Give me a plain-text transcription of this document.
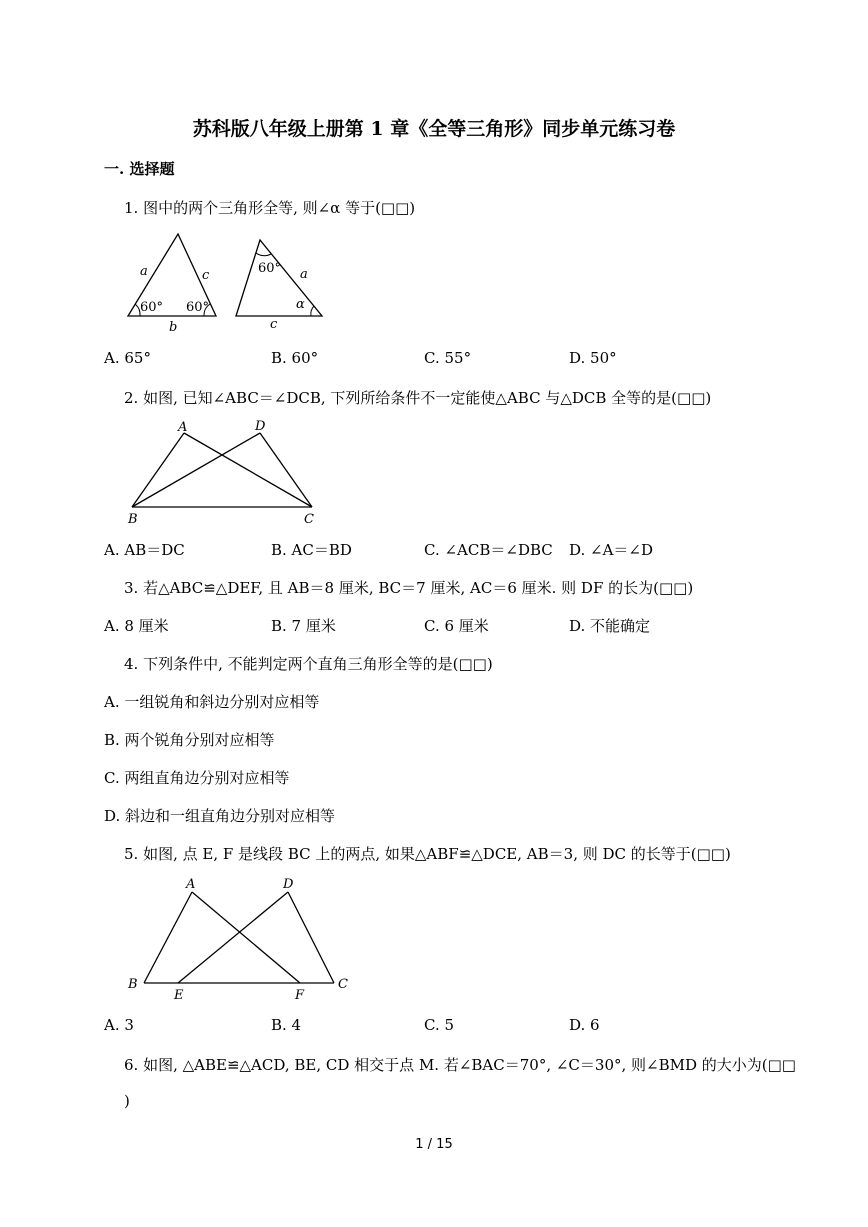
苏科版八年级上册第 1 章《全等三角形》同步单元练习卷
一. 选择题
1. 图中的两个三角形全等, 则∠α 等于(□□)
a	c
60° 60°
b
60° a
α
c
A. 65°	B. 60°	C. 55°	D. 50°
2. 如图, 已知∠ABC＝∠DCB, 下列所给条件不一定能使△ABC 与△DCB 全等的是(□□)
A	D
B	C
A. AB＝DC	B. AC＝BD	C. ∠ACB＝∠DBC D. ∠A＝∠D
3. 若△ABC≌△DEF, 且 AB＝8 厘米, BC＝7 厘米, AC＝6 厘米. 则 DF 的长为(□□)
A. 8 厘米	B. 7 厘米	C. 6 厘米	D. 不能确定
4. 下列条件中, 不能判定两个直角三角形全等的是(□□)
A. 一组锐角和斜边分别对应相等
B. 两个锐角分别对应相等
C. 两组直角边分别对应相等
D. 斜边和一组直角边分别对应相等
5. 如图, 点 E, F 是线段 BC 上的两点, 如果△ABF≌△DCE, AB＝3, 则 DC 的长等于(□□)
A	D
B
E	F
C
A. 3	B. 4	C. 5	D. 6
6. 如图, △ABE≌△ACD, BE, CD 相交于点 M. 若∠BAC＝70°, ∠C＝30°, 则∠BMD 的大小为(□□
)
1 / 15
